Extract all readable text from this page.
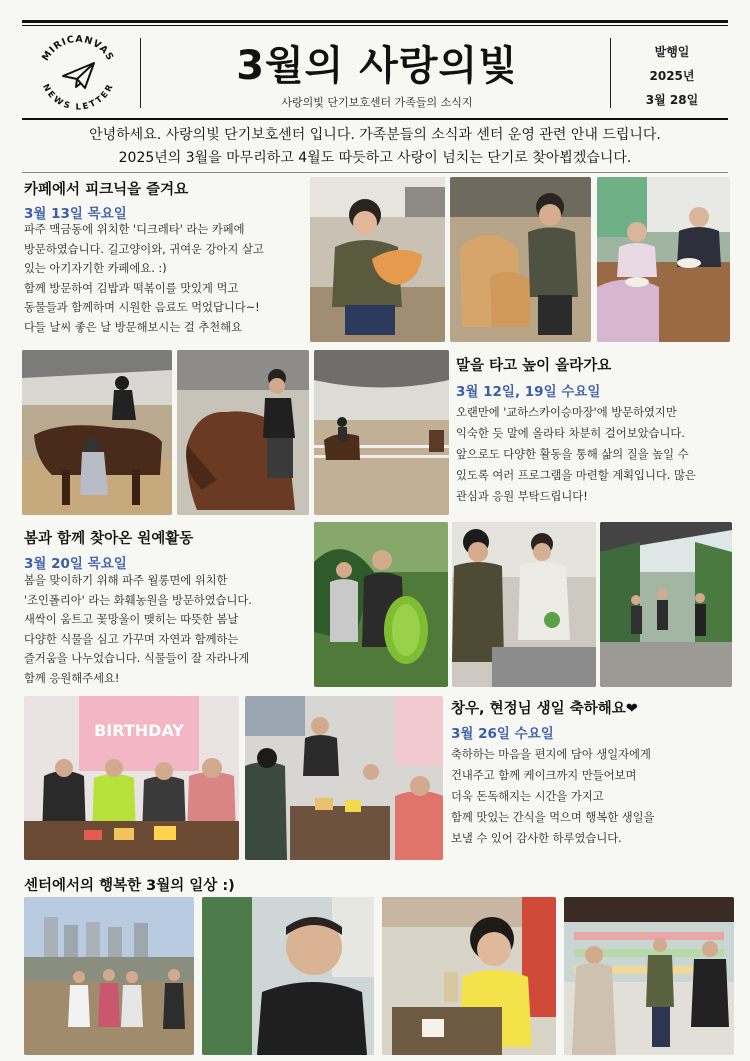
MIRICANVAS
NEWS LETTER	3월의 사랑의빛
사랑의빛 단기보호센터 가족들의 소식지
발행일
2025년
3월 28일

안녕하세요. 사랑의빛 단기보호센터 입니다. 가족분들의 소식과 센터 운영 관련 안내 드립니다.

2025년의 3월을 마무리하고 4월도 따듯하고 사랑이 넘치는 단기로 찾아뵙겠습니다.

카페에서 피크닉을 즐겨요
3월 13일 목요일

파주 맥금동에 위치한 '디크레타' 라는 카페에

방문하였습니다. 길고양이와, 귀여운 강아지 살고

있는 아기자기한 카페에요. :)

함께 방문하여 김밥과 떡볶이를 맛있게 먹고

동물들과 함께하며 시원한 음료도 먹었답니다~!

다들 날씨 좋은 날 방문해보시는 걸 추천해요

말을 타고 높이 올라가요
3월 12일, 19일 수요일

오랜만에 '교하스카이승마장'에 방문하였지만

익숙한 듯 말에 올라타 차분히 걸어보았습니다.

앞으로도 다양한 활동을 통해 삶의 질을 높일 수

있도록 여러 프로그램을 마련할 계획입니다. 많은

관심과 응원 부탁드립니다!

봄과 함께 찾아온 원예활동
3월 20일 목요일

봄을 맞이하기 위해 파주 월롱면에 위치한

'조인폴리아' 라는 화훼농원을 방문하였습니다.

새싹이 움트고 꽃망울이 맺히는 따뜻한 봄날

다양한 식물을 심고 가꾸며 자연과 함께하는

즐거움을 나누었습니다. 식물들이 잘 자라나게

함께 응원해주세요!

BIRTHDAY
창우, 현정님 생일 축하해요❤
3월 26일 수요일

축하하는 마음을 편지에 담아 생일자에게

건내주고 함께 케이크까지 만들어보며

더욱 돈독해지는 시간을 가지고

함께 맛있는 간식을 먹으며 행복한 생일을

보낼 수 있어 감사한 하루였습니다.

센터에서의 행복한 3월의 일상 :)
